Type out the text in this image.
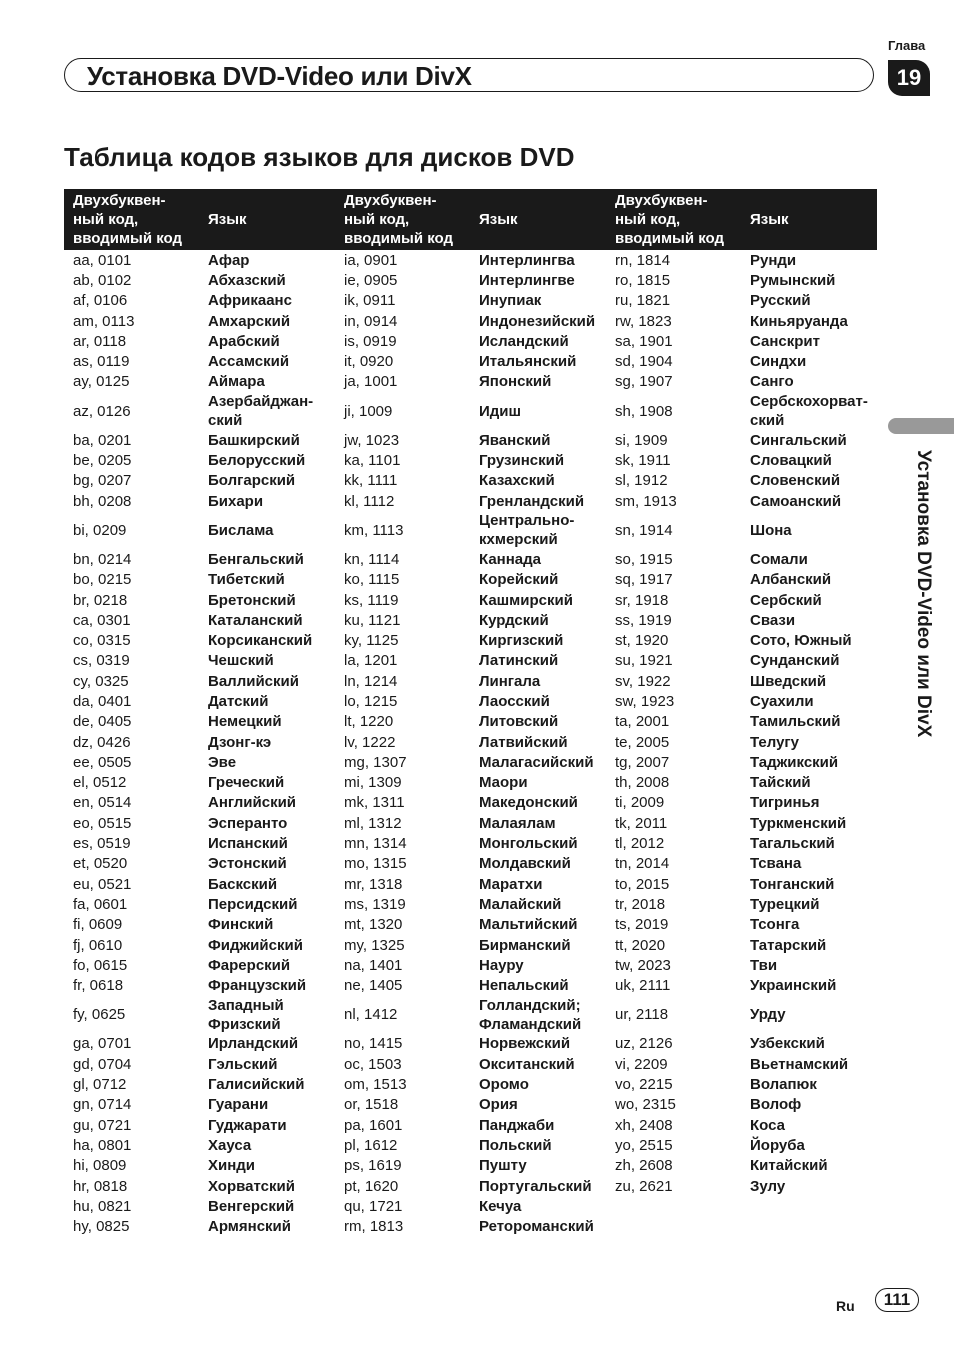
Глава
19
Установка DVD-Video или DivX
Таблица кодов языков для дисков DVD
Установка DVD-Video или DivX
Двухбуквен-ный код, вводимый код	Язык	Двухбуквен-ный код, вводимый код	Язык	Двухбуквен-ный код, вводимый код	Язык
aa, 0101	Афар	ia, 0901	Интерлингва	rn, 1814	Рунди
ab, 0102	Абхазский	ie, 0905	Интерлингве	ro, 1815	Румынский
af, 0106	Африкаанс	ik, 0911	Инупиак	ru, 1821	Русский
am, 0113	Амхарский	in, 0914	Индонезийский	rw, 1823	Киньяруанда
ar, 0118	Арабский	is, 0919	Исландский	sa, 1901	Санскрит
as, 0119	Ассамский	it, 0920	Итальянский	sd, 1904	Синдхи
ay, 0125	Аймара	ja, 1001	Японский	sg, 1907	Санго
az, 0126	Азербайджан-ский	ji, 1009	Идиш	sh, 1908	Сербскохорват-ский
ba, 0201	Башкирский	jw, 1023	Яванский	si, 1909	Сингальский
be, 0205	Белорусский	ka, 1101	Грузинский	sk, 1911	Словацкий
bg, 0207	Болгарский	kk, 1111	Казахский	sl, 1912	Словенский
bh, 0208	Бихари	kl, 1112	Гренландский	sm, 1913	Самоанский
bi, 0209	Бислама	km, 1113	Центрально-кхмерский	sn, 1914	Шона
bn, 0214	Бенгальский	kn, 1114	Каннада	so, 1915	Сомали
bo, 0215	Тибетский	ko, 1115	Корейский	sq, 1917	Албанский
br, 0218	Бретонский	ks, 1119	Кашмирский	sr, 1918	Сербский
ca, 0301	Каталанский	ku, 1121	Курдский	ss, 1919	Свази
co, 0315	Корсиканский	ky, 1125	Киргизский	st, 1920	Сото, Южный
cs, 0319	Чешский	la, 1201	Латинский	su, 1921	Сунданский
cy, 0325	Валлийский	ln, 1214	Лингала	sv, 1922	Шведский
da, 0401	Датский	lo, 1215	Лаосский	sw, 1923	Суахили
de, 0405	Немецкий	lt, 1220	Литовский	ta, 2001	Тамильский
dz, 0426	Дзонг-кэ	lv, 1222	Латвийский	te, 2005	Телугу
ee, 0505	Эве	mg, 1307	Малагасийский	tg, 2007	Таджикский
el, 0512	Греческий	mi, 1309	Маори	th, 2008	Тайский
en, 0514	Английский	mk, 1311	Македонский	ti, 2009	Тигринья
eo, 0515	Эсперанто	ml, 1312	Малаялам	tk, 2011	Туркменский
es, 0519	Испанский	mn, 1314	Монгольский	tl, 2012	Тагальский
et, 0520	Эстонский	mo, 1315	Молдавский	tn, 2014	Тсвана
eu, 0521	Баскский	mr, 1318	Маратхи	to, 2015	Тонганский
fa, 0601	Персидский	ms, 1319	Малайский	tr, 2018	Турецкий
fi, 0609	Финский	mt, 1320	Мальтийский	ts, 2019	Тсонга
fj, 0610	Фиджийский	my, 1325	Бирманский	tt, 2020	Татарский
fo, 0615	Фарерский	na, 1401	Науру	tw, 2023	Тви
fr, 0618	Французский	ne, 1405	Непальский	uk, 2111	Украинский
fy, 0625	Западный Фризский	nl, 1412	Голландский; Фламандский	ur, 2118	Урду
ga, 0701	Ирландский	no, 1415	Норвежский	uz, 2126	Узбекский
gd, 0704	Гэльский	oc, 1503	Окситанский	vi, 2209	Вьетнамский
gl, 0712	Галисийский	om, 1513	Оромо	vo, 2215	Волапюк
gn, 0714	Гуарани	or, 1518	Ория	wo, 2315	Волоф
gu, 0721	Гуджарати	pa, 1601	Панджаби	xh, 2408	Коса
ha, 0801	Хауса	pl, 1612	Польский	yo, 2515	Йоруба
hi, 0809	Хинди	ps, 1619	Пушту	zh, 2608	Китайский
hr, 0818	Хорватский	pt, 1620	Португальский	zu, 2621	Зулу
hu, 0821	Венгерский	qu, 1721	Кечуа		
hy, 0825	Армянский	rm, 1813	Ретороманский		
Ru	111
